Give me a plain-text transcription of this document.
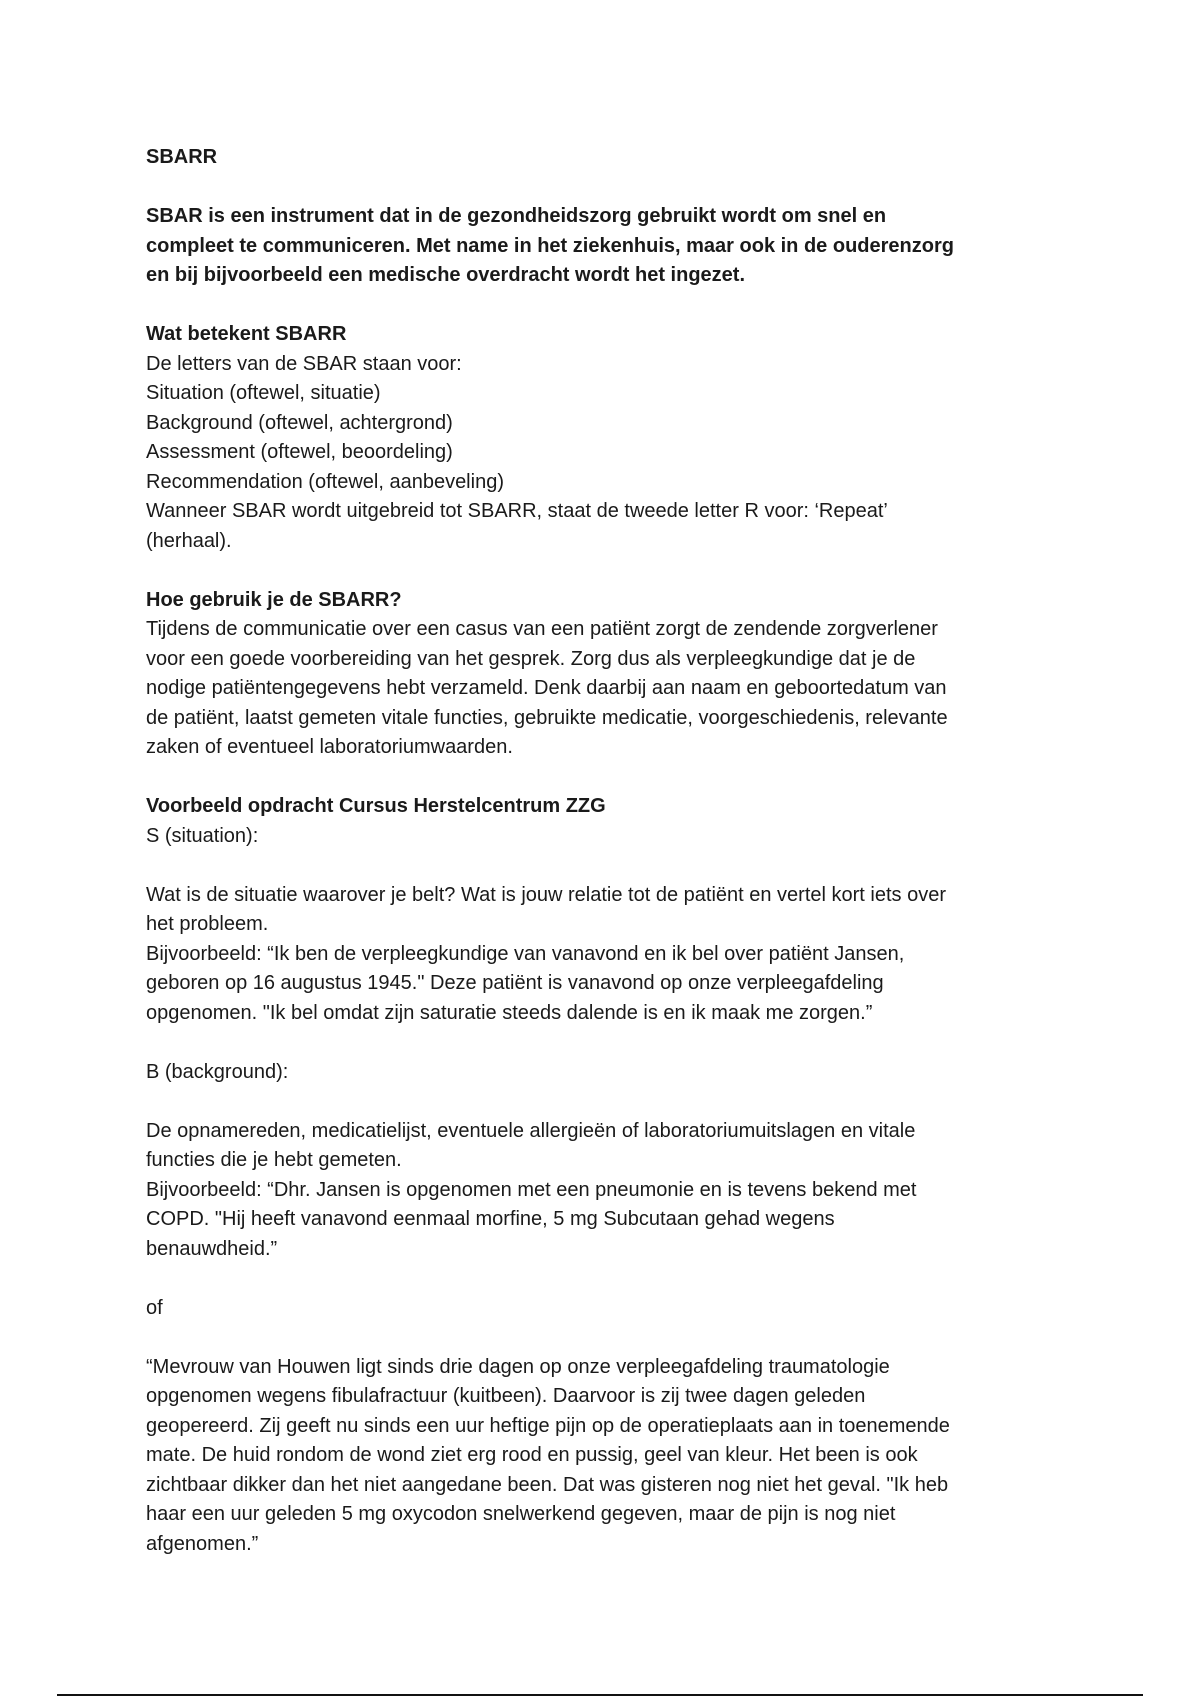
SBARR
SBAR is een instrument dat in de gezondheidszorg gebruikt wordt om snel en
compleet te communiceren. Met name in het ziekenhuis, maar ook in de ouderenzorg
en bij bijvoorbeeld een medische overdracht wordt het ingezet.
Wat betekent SBARR
De letters van de SBAR staan voor:
Situation (oftewel, situatie)
Background (oftewel, achtergrond)
Assessment (oftewel, beoordeling)
Recommendation (oftewel, aanbeveling)
Wanneer SBAR wordt uitgebreid tot SBARR, staat de tweede letter R voor: ‘Repeat’
(herhaal).
Hoe gebruik je de SBARR?
Tijdens de communicatie over een casus van een patiënt zorgt de zendende zorgverlener
voor een goede voorbereiding van het gesprek. Zorg dus als verpleegkundige dat je de
nodige patiëntengegevens hebt verzameld. Denk daarbij aan naam en geboortedatum van
de patiënt, laatst gemeten vitale functies, gebruikte medicatie, voorgeschiedenis, relevante
zaken of eventueel laboratoriumwaarden.
Voorbeeld opdracht Cursus Herstelcentrum ZZG
S (situation):
Wat is de situatie waarover je belt? Wat is jouw relatie tot de patiënt en vertel kort iets over
het probleem.
Bijvoorbeeld: “Ik ben de verpleegkundige van vanavond en ik bel over patiënt Jansen,
geboren op 16 augustus 1945." Deze patiënt is vanavond op onze verpleegafdeling
opgenomen. "Ik bel omdat zijn saturatie steeds dalende is en ik maak me zorgen.”
B (background):
De opnamereden, medicatielijst, eventuele allergieën of laboratoriumuitslagen en vitale
functies die je hebt gemeten.
Bijvoorbeeld: “Dhr. Jansen is opgenomen met een pneumonie en is tevens bekend met
COPD. "Hij heeft vanavond eenmaal morfine, 5 mg Subcutaan gehad wegens
benauwdheid.”
of
“Mevrouw van Houwen ligt sinds drie dagen op onze verpleegafdeling traumatologie
opgenomen wegens fibulafractuur (kuitbeen). Daarvoor is zij twee dagen geleden
geopereerd. Zij geeft nu sinds een uur heftige pijn op de operatieplaats aan in toenemende
mate. De huid rondom de wond ziet erg rood en pussig, geel van kleur. Het been is ook
zichtbaar dikker dan het niet aangedane been. Dat was gisteren nog niet het geval. "Ik heb
haar een uur geleden 5 mg oxycodon snelwerkend gegeven, maar de pijn is nog niet
afgenomen.”
